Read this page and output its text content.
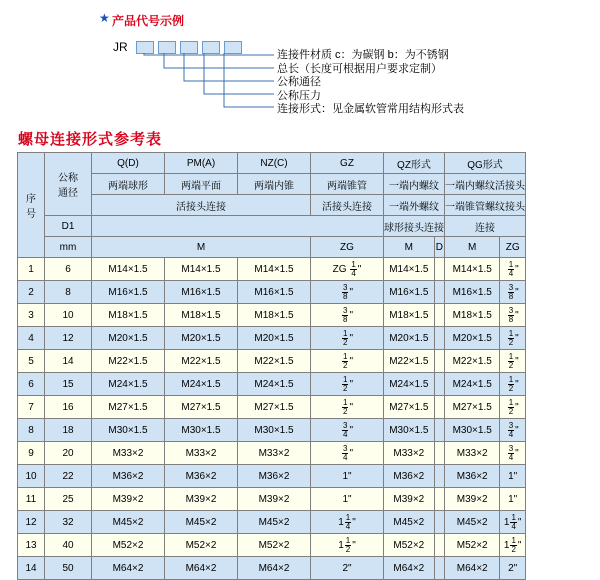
★ 产品代号示例
JR
连接件材质 c：为碳钢 b：为不锈钢
总长（长度可根据用户要求定制）
公称通径
公称压力
连接形式：见金属软管常用结构形式表
螺母连接形式参考表
序
号

公称
通径
	Q(D)	PM(A)	NZ(C)	GZ	QZ形式	QG形式
		两端球形	两端平面	两端内锥	两端锥管	一端内螺纹		一端内螺纹活接头	
		活接头连接			活接头连接	一端外螺纹		一端锥管螺纹接头	
	D1					球形接头连接		连接	
	mm	M			ZG	M	D	M	ZG
1	6	M14×1.5	M14×1.5	M14×1.5	ZG $\frac{1}{4}$ "	M14×1.5		M14×1.5	$\frac{1}{4}$ "
2	8	M16×1.5	M16×1.5	M16×1.5	$\frac{3}{8}$ "	M16×1.5		M16×1.5	$\frac{3}{8}$ "
3	10	M18×1.5	M18×1.5	M18×1.5	$\frac{3}{8}$ "	M18×1.5		M18×1.5	$\frac{3}{8}$ "
4	12	M20×1.5	M20×1.5	M20×1.5	$\frac{1}{2}$ "	M20×1.5		M20×1.5	$\frac{1}{2}$ "
5	14	M22×1.5	M22×1.5	M22×1.5	$\frac{1}{2}$ "	M22×1.5		M22×1.5	$\frac{1}{2}$ "
6	15	M24×1.5	M24×1.5	M24×1.5	$\frac{1}{2}$ "	M24×1.5		M24×1.5	$\frac{1}{2}$ "
7	16	M27×1.5	M27×1.5	M27×1.5	$\frac{1}{2}$ "	M27×1.5		M27×1.5	$\frac{1}{2}$ "
8	18	M30×1.5	M30×1.5	M30×1.5	$\frac{3}{4}$ "	M30×1.5		M30×1.5	$\frac{3}{4}$ "
9	20	M33×2	M33×2	M33×2	$\frac{3}{4}$ "	M33×2		M33×2	$\frac{3}{4}$ "
10	22	M36×2	M36×2	M36×2	1"	M36×2		M36×2	1"
11	25	M39×2	M39×2	M39×2	1"	M39×2		M39×2	1"
12	32	M45×2	M45×2	M45×2	$1 \frac{1}{4}$ "	M45×2		M45×2	$1 \frac{1}{4}$ "
13	40	M52×2	M52×2	M52×2	$1 \frac{1}{2}$ "	M52×2		M52×2	$1 \frac{1}{2}$ "
14	50	M64×2	M64×2	M64×2	2"	M64×2		M64×2	2"
